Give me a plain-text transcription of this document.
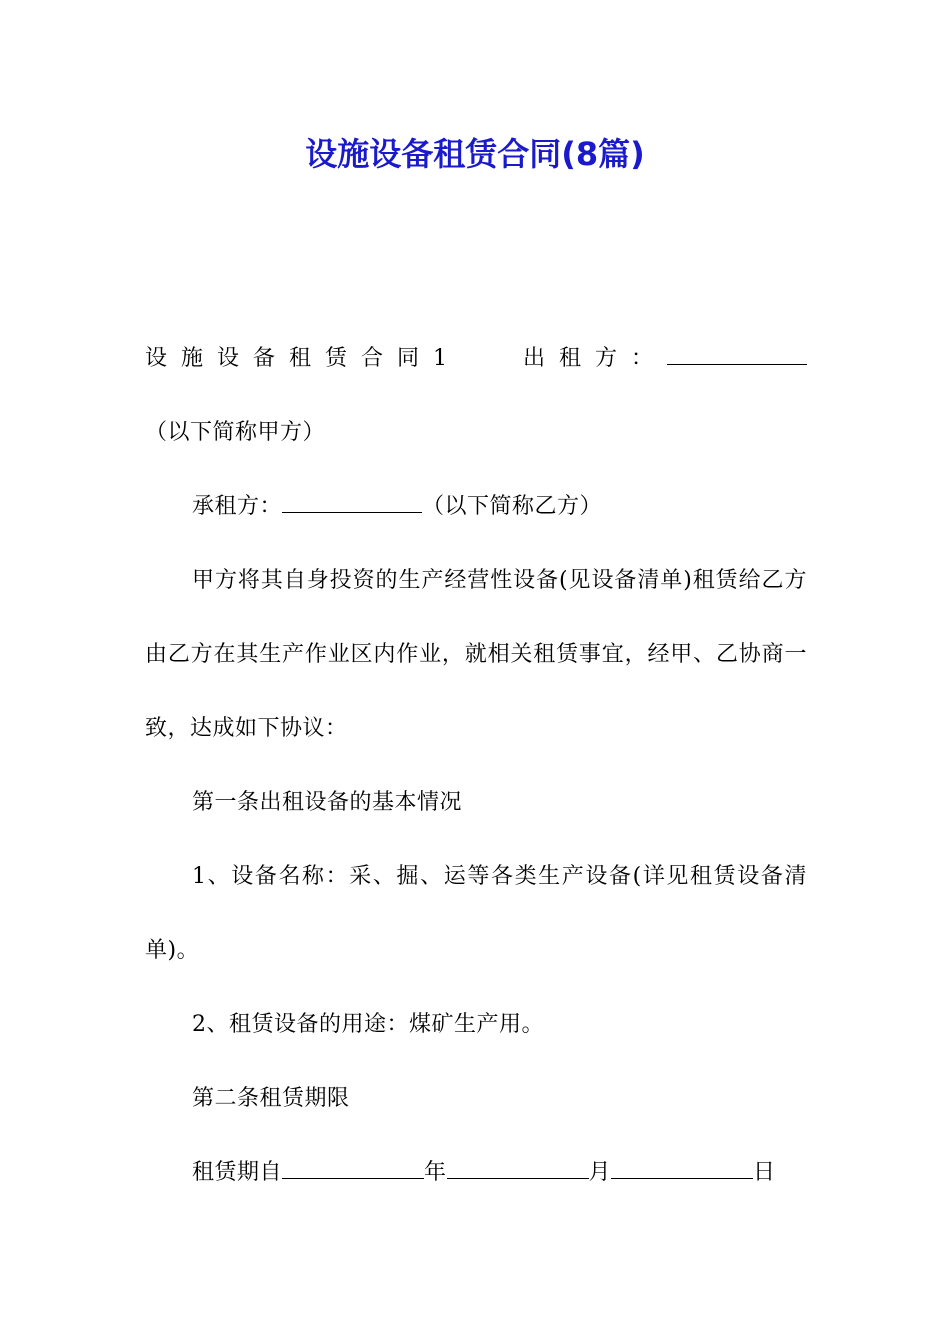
设施设备租赁合同(8篇)

设施设备租赁合同1	出租方：（以下简称甲方）

承租方：	（以下简称乙方）

甲方将其自身投资的生产经营性设备(见设备清单)租赁给乙方由乙方在其生产作业区内作业，就相关租赁事宜，经甲、乙协商一致，达成如下协议：

第一条出租设备的基本情况

1、设备名称：采、掘、运等各类生产设备(详见租赁设备清单)。

2、租赁设备的用途：煤矿生产用。

第二条租赁期限

租赁期自	年	月	日
